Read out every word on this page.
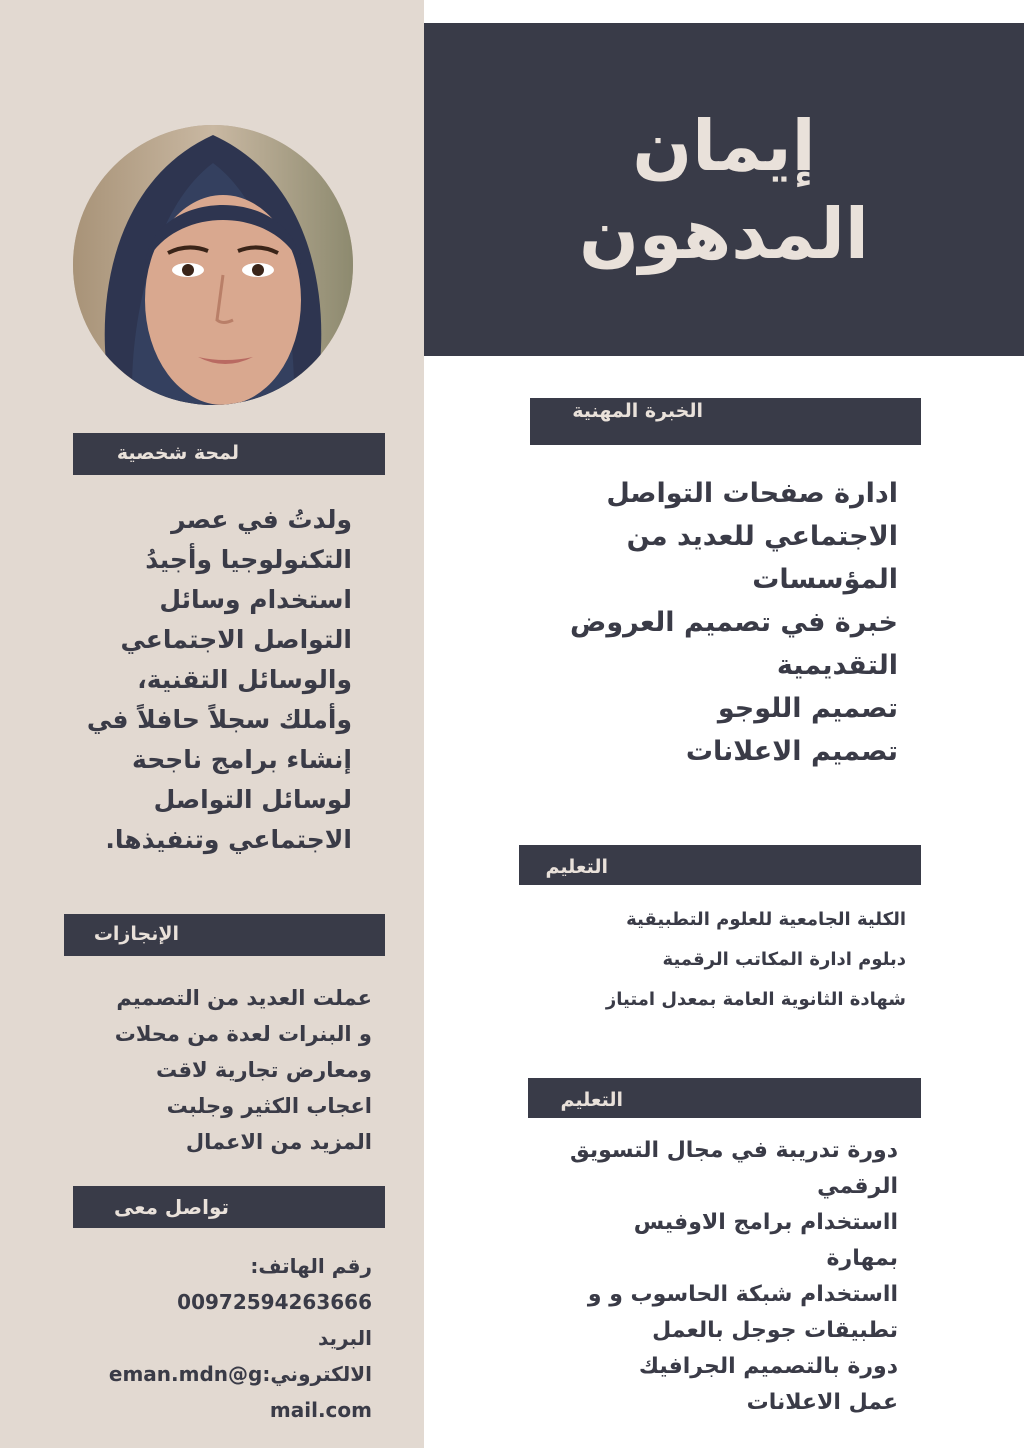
إيمان
المدهون
لمحة شخصية
ولدتُ في عصر
التكنولوجيا وأجيدُ
استخدام وسائل
التواصل الاجتماعي
والوسائل التقنية،
وأملك سجلاً حافلاً في
إنشاء برامج ناجحة
لوسائل التواصل
الاجتماعي وتنفيذها.
الإنجازات
عملت العديد من التصميم
و البنرات لعدة من محلات
ومعارض تجارية لاقت
اعجاب الكثير وجلبت
المزيد من الاعمال
تواصل معى
رقم الهاتف:
00972594263666
البريد
الالكتروني:eman.mdn@g
mail.com
الخبرة المهنية
ادارة صفحات التواصل
الاجتماعي للعديد من
المؤسسات
خبرة في تصميم العروض
التقديمية
تصميم اللوجو
تصميم الاعلانات
التعليم
الكلية الجامعية للعلوم التطبيقية
دبلوم ادارة المكاتب الرقمية
شهادة الثانوية العامة بمعدل امتياز
التعليم
دورة تدريبة في مجال التسويق
الرقمي
ااستخدام برامج الاوفيس
بمهارة
ااستخدام شبكة الحاسوب و و
تطبيقات جوجل بالعمل
دورة بالتصميم الجرافيك
عمل الاعلانات
